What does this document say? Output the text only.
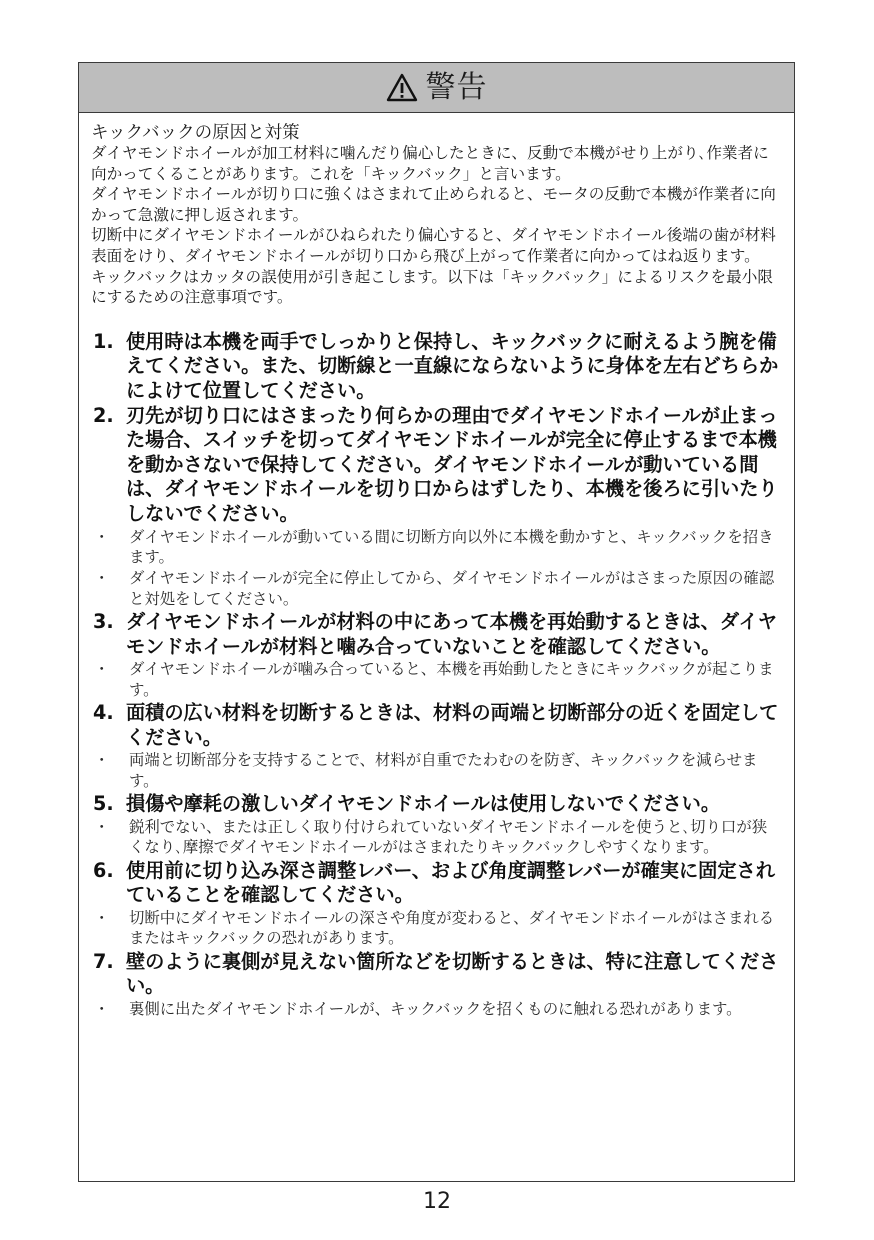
警告

キックバックの原因と対策

ダイヤモンドホイールが加工材料に噛んだり偏心したときに、反動で本機がせり上がり､作業者に向かってくることがあります。これを「キックバック」と言います。

ダイヤモンドホイールが切り口に強くはさまれて止められると、モータの反動で本機が作業者に向かって急激に押し返されます。

切断中にダイヤモンドホイールがひねられたり偏心すると、ダイヤモンドホイール後端の歯が材料表面をけり、ダイヤモンドホイールが切り口から飛び上がって作業者に向かってはね返ります。

キックバックはカッタの誤使用が引き起こします。以下は「キックバック」によるリスクを最小限にするための注意事項です。

1. 使用時は本機を両手でしっかりと保持し、キックバックに耐えるよう腕を備えてください。また、切断線と一直線にならないように身体を左右どちらかによけて位置してください。
2. 刃先が切り口にはさまったり何らかの理由でダイヤモンドホイールが止まった場合、スイッチを切ってダイヤモンドホイールが完全に停止するまで本機を動かさないで保持してください。ダイヤモンドホイールが動いている間は、ダイヤモンドホイールを切り口からはずしたり、本機を後ろに引いたりしないでください。
・	ダイヤモンドホイールが動いている間に切断方向以外に本機を動かすと、キックバックを招きます。
・	ダイヤモンドホイールが完全に停止してから、ダイヤモンドホイールがはさまった原因の確認と対処をしてください。
3. ダイヤモンドホイールが材料の中にあって本機を再始動するときは、ダイヤモンドホイールが材料と噛み合っていないことを確認してください。
・	ダイヤモンドホイールが噛み合っていると、本機を再始動したときにキックバックが起こります。
4. 面積の広い材料を切断するときは、材料の両端と切断部分の近くを固定してください。
・	両端と切断部分を支持することで、材料が自重でたわむのを防ぎ、キックバックを減らせます。
5. 損傷や摩耗の激しいダイヤモンドホイールは使用しないでください。
・	鋭利でない、または正しく取り付けられていないダイヤモンドホイールを使うと､切り口が狭くなり､摩擦でダイヤモンドホイールがはさまれたりキックバックしやすくなります。
6. 使用前に切り込み深さ調整レバー、および角度調整レバーが確実に固定されていることを確認してください。
・	切断中にダイヤモンドホイールの深さや角度が変わると、ダイヤモンドホイールがはさまれるまたはキックバックの恐れがあります。
7. 壁のように裏側が見えない箇所などを切断するときは、特に注意してください。
・	裏側に出たダイヤモンドホイールが、キックバックを招くものに触れる恐れがあります。
12
